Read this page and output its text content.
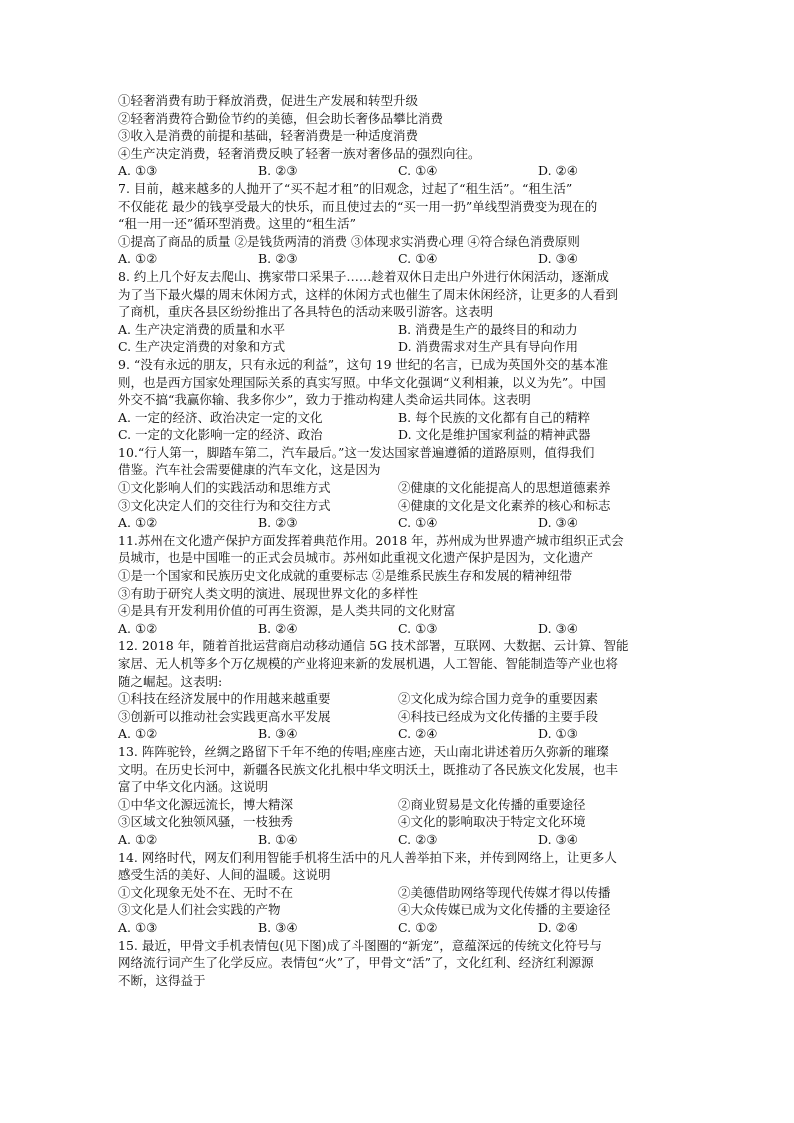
①轻奢消费有助于释放消费，促进生产发展和转型升级
②轻奢消费符合勤俭节约的美德，但会助长奢侈品攀比消费
③收入是消费的前提和基础，轻奢消费是一种适度消费
④生产决定消费，轻奢消费反映了轻奢一族对奢侈品的强烈向往。
A. ①③	B. ②③	C. ①④	D. ②④
7. 目前，越来越多的人抛开了“买不起才租”的旧观念，过起了“租生活”。“租生活”
不仅能花 最少的钱享受最大的快乐，而且使过去的“买一用一扔”单线型消费变为现在的
“租一用一还”循环型消费。这里的“租生活”
①提高了商品的质量 ②是钱货两清的消费 ③体现求实消费心理 ④符合绿色消费原则
A. ①②	B. ②③	C. ①④	D. ③④
8. 约上几个好友去爬山、携家带口采果子……趁着双休日走出户外进行休闲活动，逐渐成
为了当下最火爆的周末休闲方式，这样的休闲方式也催生了周末休闲经济，让更多的人看到
了商机，重庆各县区纷纷推出了各具特色的活动来吸引游客。这表明
A. 生产决定消费的质量和水平	B. 消费是生产的最终目的和动力
C. 生产决定消费的对象和方式	D. 消费需求对生产具有导向作用
9. “没有永远的朋友，只有永远的利益”，这句 19 世纪的名言，已成为英国外交的基本准
则，也是西方国家处理国际关系的真实写照。中华文化强调“义利相兼，以义为先”。中国
外交不搞“我赢你输、我多你少”，致力于推动构建人类命运共同体。这表明
A. 一定的经济、政治决定一定的文化	B. 每个民族的文化都有自己的精粹
C. 一定的文化影响一定的经济、政治	D. 文化是维护国家利益的精神武器
10.“行人第一，脚踏车第二，汽车最后。”这一发达国家普遍遵循的道路原则，值得我们
借鉴。汽车社会需要健康的汽车文化，这是因为
①文化影响人们的实践活动和思维方式	②健康的文化能提高人的思想道德素养
③文化决定人们的交往行为和交往方式	④健康的文化是文化素养的核心和标志
A. ①②	B. ②③	C. ①④	D. ③④
11.苏州在文化遗产保护方面发挥着典范作用。2018 年，苏州成为世界遗产城市组织正式会
员城市，也是中国唯一的正式会员城市。苏州如此重视文化遗产保护是因为，文化遗产
①是一个国家和民族历史文化成就的重要标志 ②是维系民族生存和发展的精神纽带
③有助于研究人类文明的演进、展现世界文化的多样性
④是具有开发利用价值的可再生资源，是人类共同的文化财富
A. ①②	B. ②④	C. ①③	D. ③④
12. 2018 年，随着首批运营商启动移动通信 5G 技术部署，互联网、大数据、云计算、智能
家居、无人机等多个万亿规模的产业将迎来新的发展机遇，人工智能、智能制造等产业也将
随之崛起。这表明:
①科技在经济发展中的作用越来越重要	②文化成为综合国力竞争的重要因素
③创新可以推动社会实践更高水平发展	④科技已经成为文化传播的主要手段
A. ①②	B. ③④	C. ②④	D. ①③
13. 阵阵驼铃，丝绸之路留下千年不绝的传唱;座座古迹，天山南北讲述着历久弥新的璀璨
文明。在历史长河中，新疆各民族文化扎根中华文明沃土，既推动了各民族文化发展，也丰
富了中华文化内涵。这说明
①中华文化源远流长，博大精深	②商业贸易是文化传播的重要途径
③区域文化独领风骚，一枝独秀	④文化的影响取决于特定文化环境
A. ①②	B. ①④	C. ②③	D. ③④
14. 网络时代，网友们利用智能手机将生活中的凡人善举拍下来，并传到网络上，让更多人
感受生活的美好、人间的温暖。这说明
①文化现象无处不在、无时不在	②美德借助网络等现代传媒才得以传播
③文化是人们社会实践的产物	④大众传媒已成为文化传播的主要途径
A. ①③	B. ③④	C. ①②	D. ②④
15. 最近，甲骨文手机表情包(见下图)成了斗图圈的“新宠”，意蕴深远的传统文化符号与
网络流行词产生了化学反应。表情包“火”了，甲骨文“活”了，文化红利、经济红利源源
不断，这得益于
